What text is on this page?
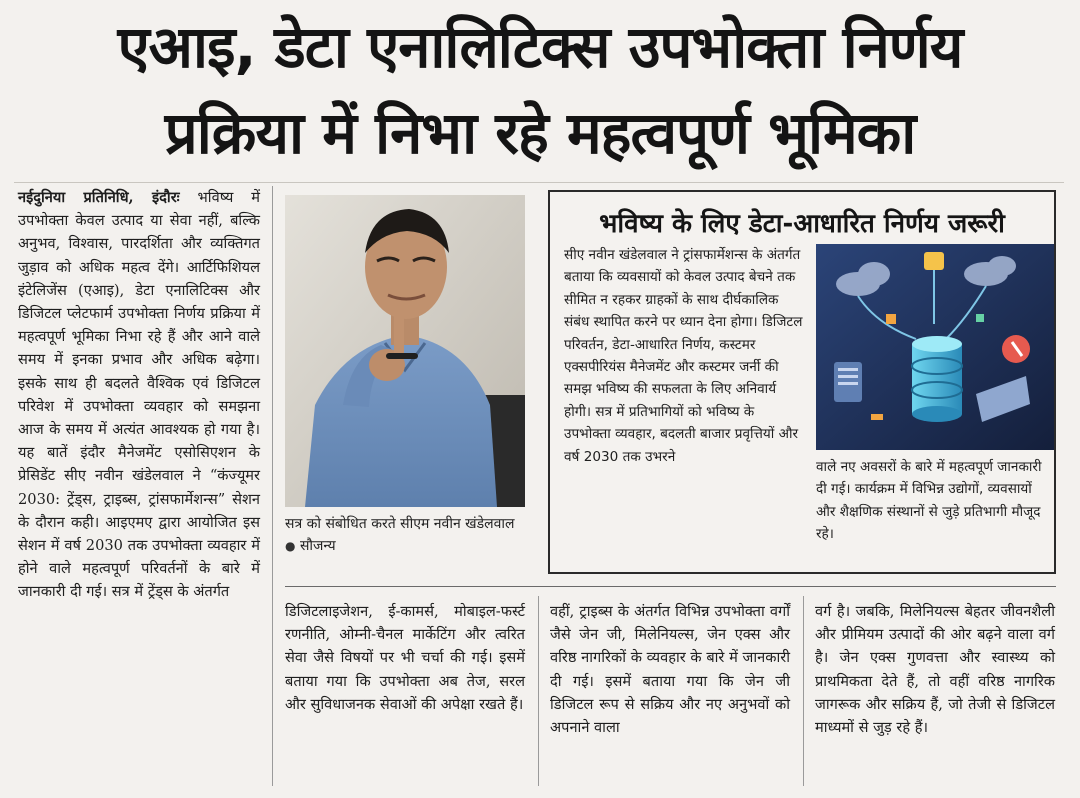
एआइ, डेटा एनालिटिक्स उपभोक्ता निर्णय
प्रक्रिया में निभा रहे महत्वपूर्ण भूमिका
नईदुनिया प्रतिनिधि, इंदौरः भविष्य में उपभोक्ता केवल उत्पाद या सेवा नहीं, बल्कि अनुभव, विश्वास, पारदर्शिता और व्यक्तिगत जुड़ाव को अधिक महत्व देंगे। आर्टिफिशियल इंटेलिजेंस (एआइ), डेटा एनालिटिक्स और डिजिटल प्लेटफार्म उपभोक्ता निर्णय प्रक्रिया में महत्वपूर्ण भूमिका निभा रहे हैं और आने वाले समय में इनका प्रभाव और अधिक बढ़ेगा। इसके साथ ही बदलते वैश्विक एवं डिजिटल परिवेश में उपभोक्ता व्यवहार को समझना आज के समय में अत्यंत आवश्यक हो गया है। यह बातें इंदौर मैनेजमेंट एसोसिएशन के प्रेसिडेंट सीए नवीन खंडेलवाल ने “कंज्यूमर 2030: ट्रेंड्स, ट्राइब्स, ट्रांसफार्मेशन्स” सेशन के दौरान कही। आइएमए द्वारा आयोजित इस सेशन में वर्ष 2030 तक उपभोक्ता व्यवहार में होने वाले महत्वपूर्ण परिवर्तनों के बारे में जानकारी दी गई। सत्र में ट्रेंड्स के अंतर्गत
सत्र को संबोधित करते सीएम नवीन खंडेलवाल ● सौजन्य
भविष्य के लिए डेटा-आधारित निर्णय जरूरी
सीए नवीन खंडेलवाल ने ट्रांसफार्मेशन्स के अंतर्गत बताया कि व्यवसायों को केवल उत्पाद बेचने तक सीमित न रहकर ग्राहकों के साथ दीर्घकालिक संबंध स्थापित करने पर ध्यान देना होगा। डिजिटल परिवर्तन, डेटा-आधारित निर्णय, कस्टमर एक्सपीरियंस मैनेजमेंट और कस्टमर जर्नी की समझ भविष्य की सफलता के लिए अनिवार्य होगी। सत्र में प्रतिभागियों को भविष्य के उपभोक्ता व्यवहार, बदलती बाजार प्रवृत्तियों और वर्ष 2030 तक उभरने
वाले नए अवसरों के बारे में महत्वपूर्ण जानकारी दी गई। कार्यक्रम में विभिन्न उद्योगों, व्यवसायों और शैक्षणिक संस्थानों से जुड़े प्रतिभागी मौजूद रहे।
डिजिटलाइजेशन, ई-कामर्स, मोबाइल-फर्स्ट रणनीति, ओम्नी-चैनल मार्केटिंग और त्वरित सेवा जैसे विषयों पर भी चर्चा की गई। इसमें बताया गया कि उपभोक्ता अब तेज, सरल और सुविधाजनक सेवाओं की अपेक्षा रखते हैं।
वहीं, ट्राइब्स के अंतर्गत विभिन्न उपभोक्ता वर्गों जैसे जेन जी, मिलेनियल्स, जेन एक्स और वरिष्ठ नागरिकों के व्यवहार के बारे में जानकारी दी गई। इसमें बताया गया कि जेन जी डिजिटल रूप से सक्रिय और नए अनुभवों को अपनाने वाला
वर्ग है। जबकि, मिलेनियल्स बेहतर जीवनशैली और प्रीमियम उत्पादों की ओर बढ़ने वाला वर्ग है। जेन एक्स गुणवत्ता और स्वास्थ्य को प्राथमिकता देते हैं, तो वहीं वरिष्ठ नागरिक जागरूक और सक्रिय हैं, जो तेजी से डिजिटल माध्यमों से जुड़ रहे हैं।
